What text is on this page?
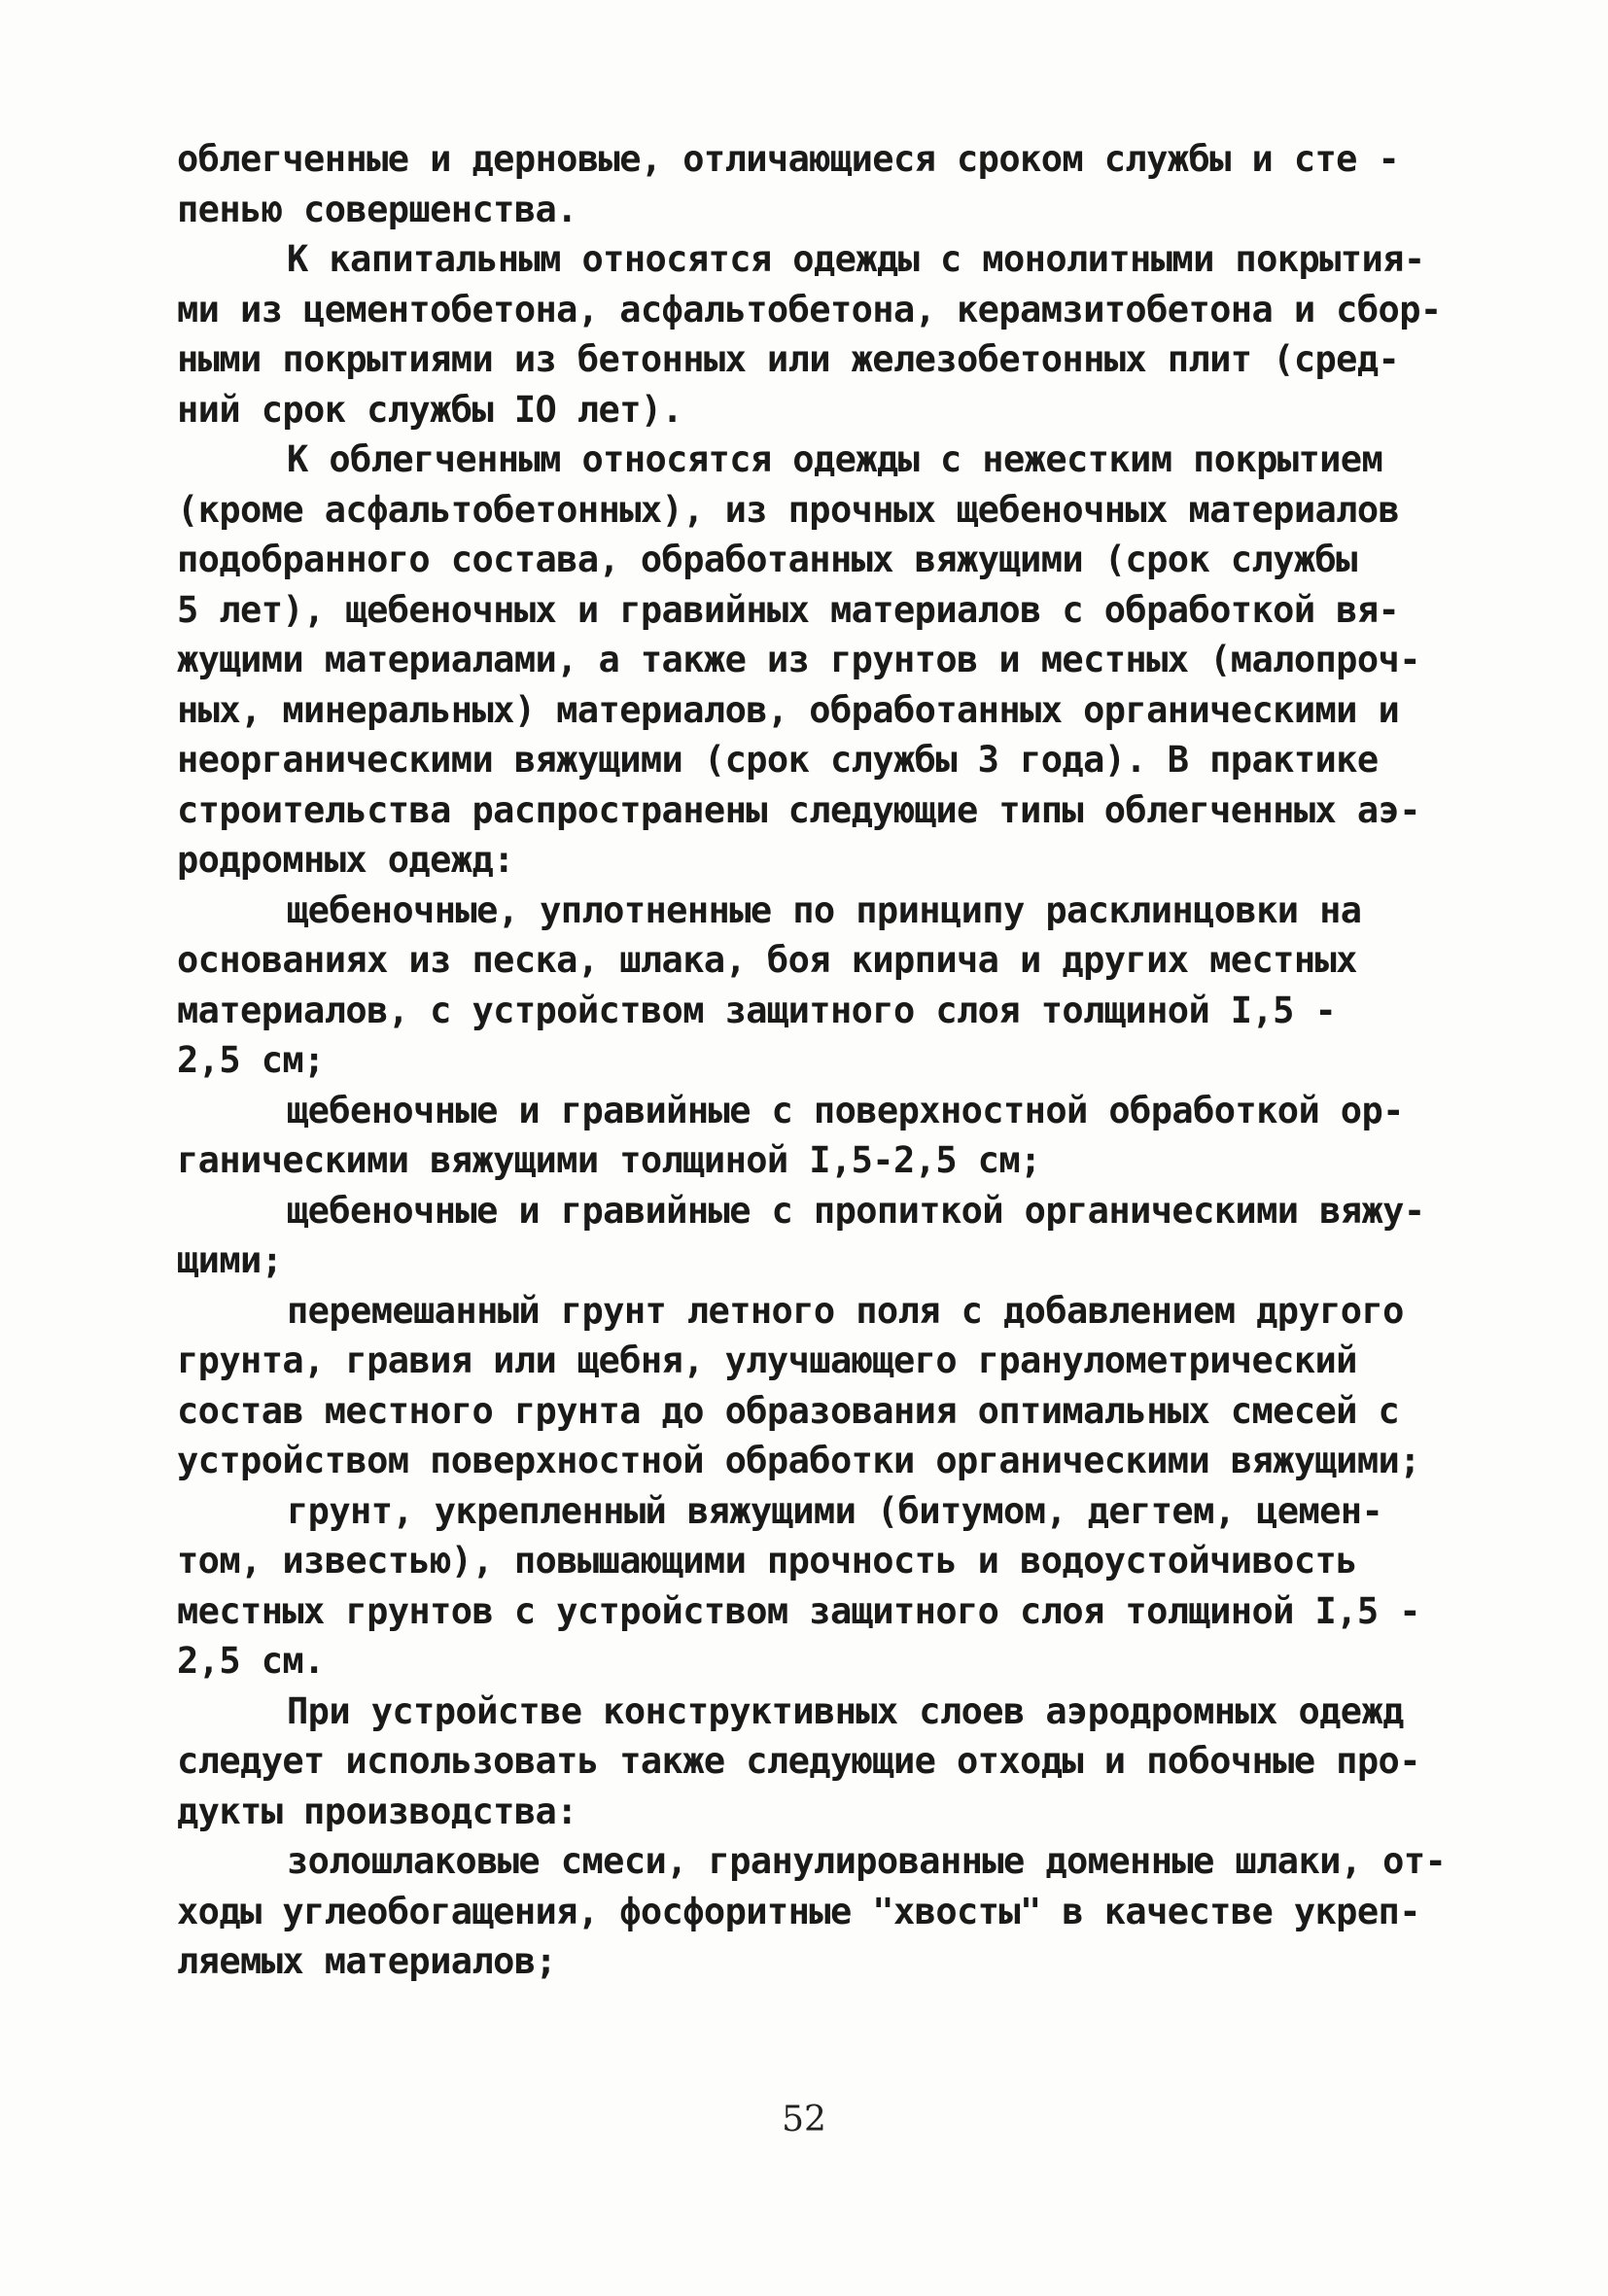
облегченные и дерновые, отличающиеся сроком службы и сте -
пенью совершенства.
К капитальным относятся одежды с монолитными покрытия-
ми из цементобетона, асфальтобетона, керамзитобетона и сбор-
ными покрытиями из бетонных или железобетонных плит (сред-
ний срок службы IO лет).
К облегченным относятся одежды с нежестким покрытием
(кроме асфальтобетонных), из прочных щебеночных материалов
подобранного состава, обработанных вяжущими (срок службы
5 лет), щебеночных и гравийных материалов с обработкой вя-
жущими материалами, а также из грунтов и местных (малопроч-
ных, минеральных) материалов, обработанных органическими и
неорганическими вяжущими (срок службы 3 года). В практике
строительства распространены следующие типы облегченных аэ-
родромных одежд:
щебеночные, уплотненные по принципу расклинцовки на
основаниях из песка, шлака, боя кирпича и других местных
материалов, с устройством защитного слоя толщиной I,5 -
2,5 см;
щебеночные и гравийные с поверхностной обработкой ор-
ганическими вяжущими толщиной I,5-2,5 см;
щебеночные и гравийные с пропиткой органическими вяжу-
щими;
перемешанный грунт летного поля с добавлением другого
грунта, гравия или щебня, улучшающего гранулометрический
состав местного грунта до образования оптимальных смесей с
устройством поверхностной обработки органическими вяжущими;
грунт, укрепленный вяжущими (битумом, дегтем, цемен-
том, известью), повышающими прочность и водоустойчивость
местных грунтов с устройством защитного слоя толщиной I,5 -
2,5 см.
При устройстве конструктивных слоев аэродромных одежд
следует использовать также следующие отходы и побочные про-
дукты производства:
золошлаковые смеси, гранулированные доменные шлаки, от-
ходы углеобогащения, фосфоритные "хвосты" в качестве укреп-
ляемых материалов;
52
